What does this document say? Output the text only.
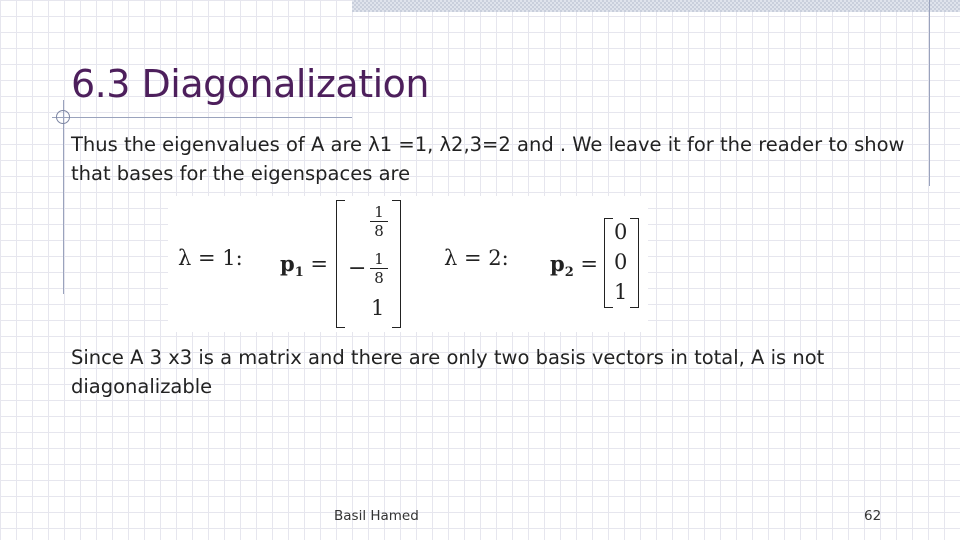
6.3 Diagonalization

Thus the eigenvalues of A are λ1 =1, λ2,3=2 and . We leave it for the reader to show that bases for the eigenspaces are

λ = 1: $p_1$ =
1
8
− 1
8
1
λ = 2: $p_2$ =
0
0
1

Since A 3 x3 is a matrix and there are only two basis vectors in total, A is not diagonalizable

Basil Hamed	62
